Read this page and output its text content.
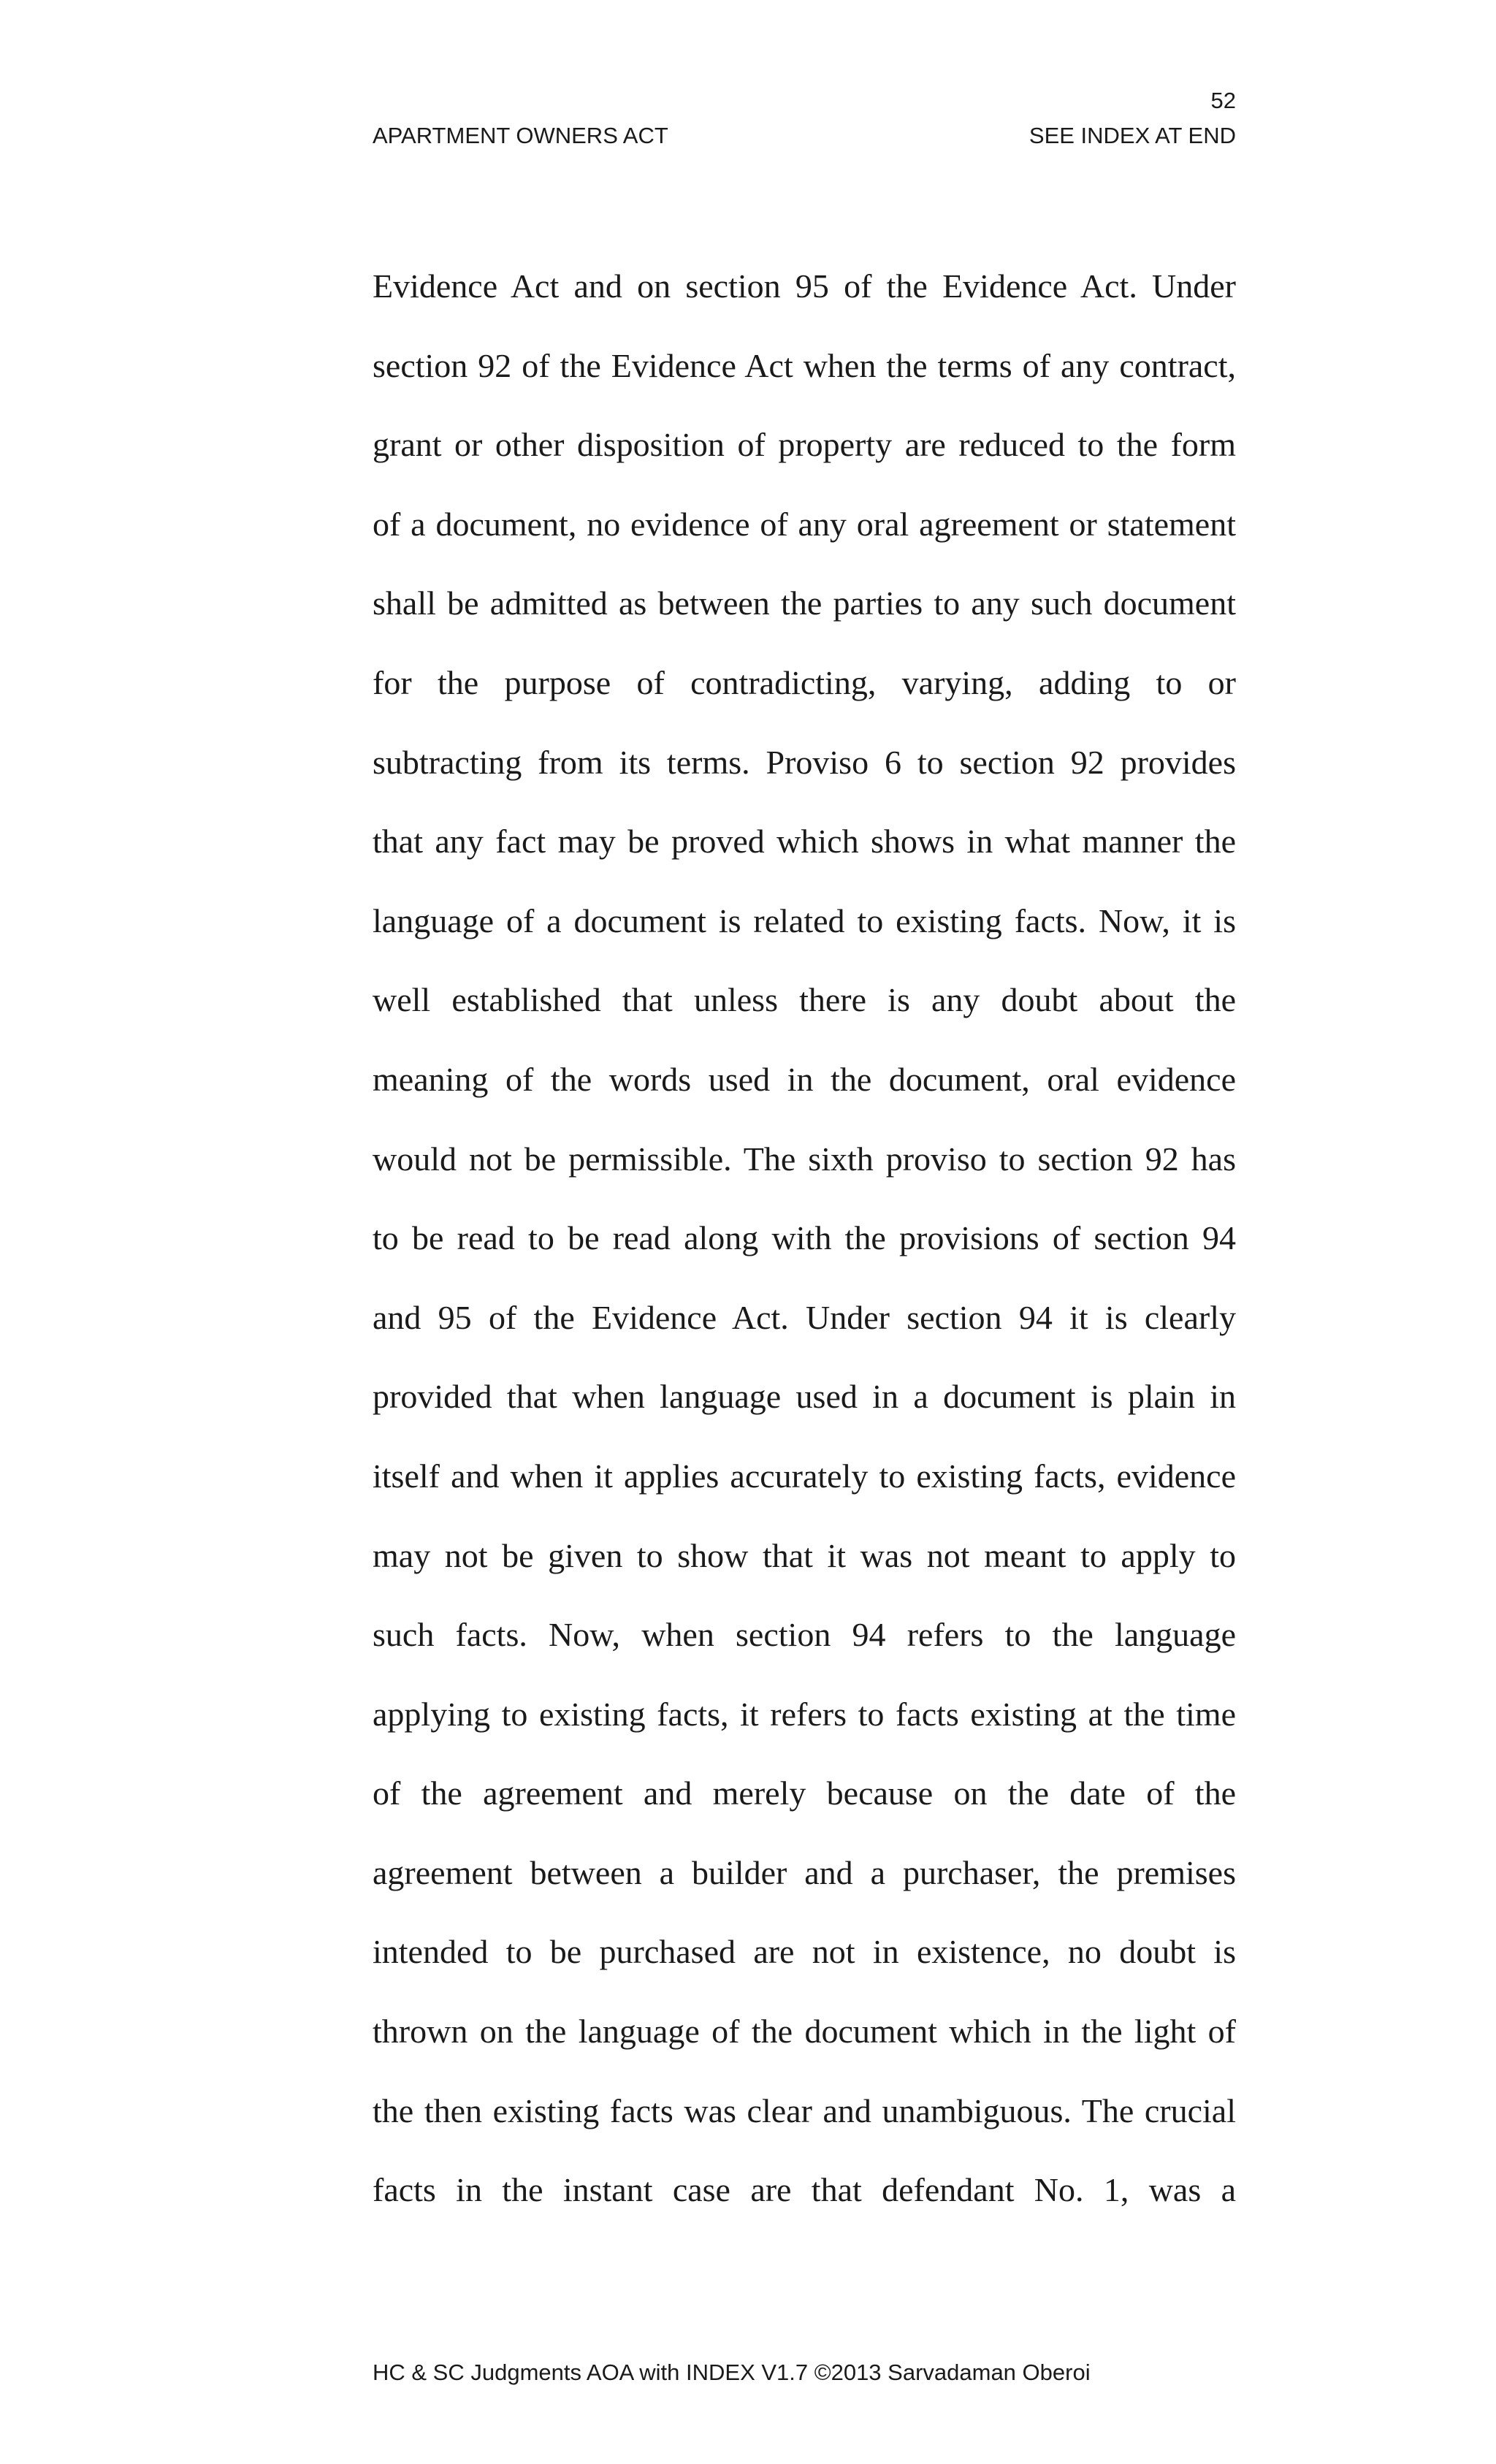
52
APARTMENT OWNERS ACT	SEE INDEX AT END
Evidence Act and on section 95 of the Evidence Act. Under
section 92 of the Evidence Act when the terms of any contract,
grant or other disposition of property are reduced to the form
of a document, no evidence of any oral agreement or statement
shall be admitted as between the parties to any such document
for the purpose of contradicting, varying, adding to or
subtracting from its terms. Proviso 6 to section 92 provides
that any fact may be proved which shows in what manner the
language of a document is related to existing facts. Now, it is
well established that unless there is any doubt about the
meaning of the words used in the document, oral evidence
would not be permissible. The sixth proviso to section 92 has
to be read to be read along with the provisions of section 94
and 95 of the Evidence Act. Under section 94 it is clearly
provided that when language used in a document is plain in
itself and when it applies accurately to existing facts, evidence
may not be given to show that it was not meant to apply to
such facts. Now, when section 94 refers to the language
applying to existing facts, it refers to facts existing at the time
of the agreement and merely because on the date of the
agreement between a builder and a purchaser, the premises
intended to be purchased are not in existence, no doubt is
thrown on the language of the document which in the light of
the then existing facts was clear and unambiguous. The crucial
facts in the instant case are that defendant No. 1, was a
HC & SC Judgments AOA with INDEX V1.7 ©2013 Sarvadaman Oberoi
